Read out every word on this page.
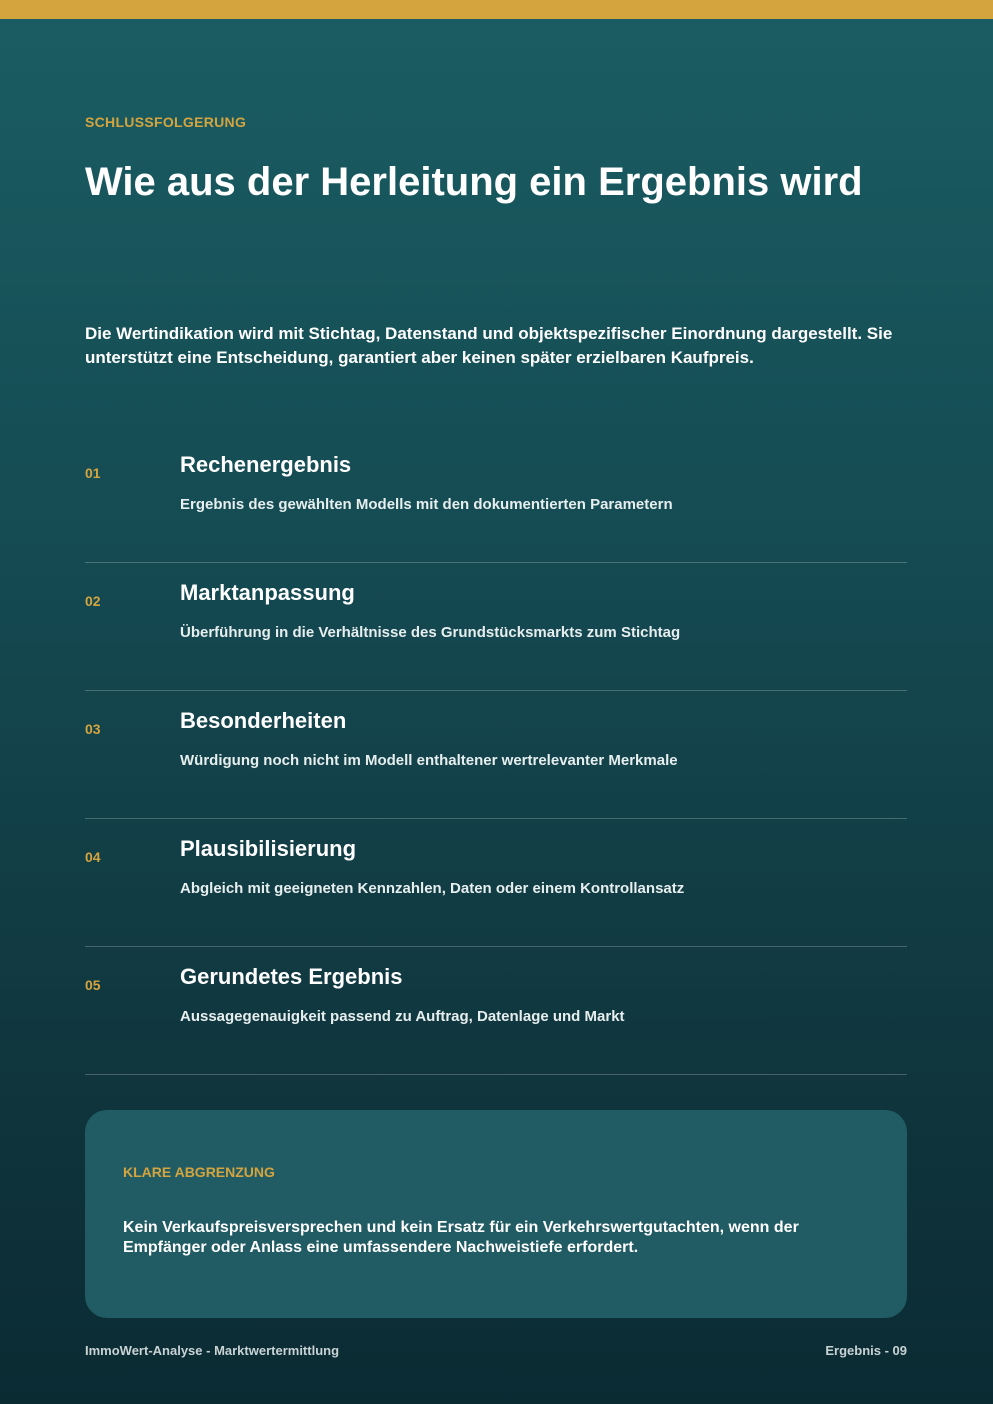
SCHLUSSFOLGERUNG

Wie aus der Herleitung ein Ergebnis wird

Die Wertindikation wird mit Stichtag, Datenstand und objektspezifischer Einordnung dargestellt. Sie unterstützt eine Entscheidung, garantiert aber keinen später erzielbaren Kaufpreis.

01	Rechenergebnis

Ergebnis des gewählten Modells mit den dokumentierten Parametern

02	Marktanpassung

Überführung in die Verhältnisse des Grundstücksmarkts zum Stichtag

03	Besonderheiten

Würdigung noch nicht im Modell enthaltener wertrelevanter Merkmale

04	Plausibilisierung

Abgleich mit geeigneten Kennzahlen, Daten oder einem Kontrollansatz

05	Gerundetes Ergebnis

Aussagegenauigkeit passend zu Auftrag, Datenlage und Markt

KLARE ABGRENZUNG

Kein Verkaufspreisversprechen und kein Ersatz für ein Verkehrswertgutachten, wenn der Empfänger oder Anlass eine umfassendere Nachweistiefe erfordert.

ImmoWert-Analyse - Marktwertermittlung	Ergebnis - 09
